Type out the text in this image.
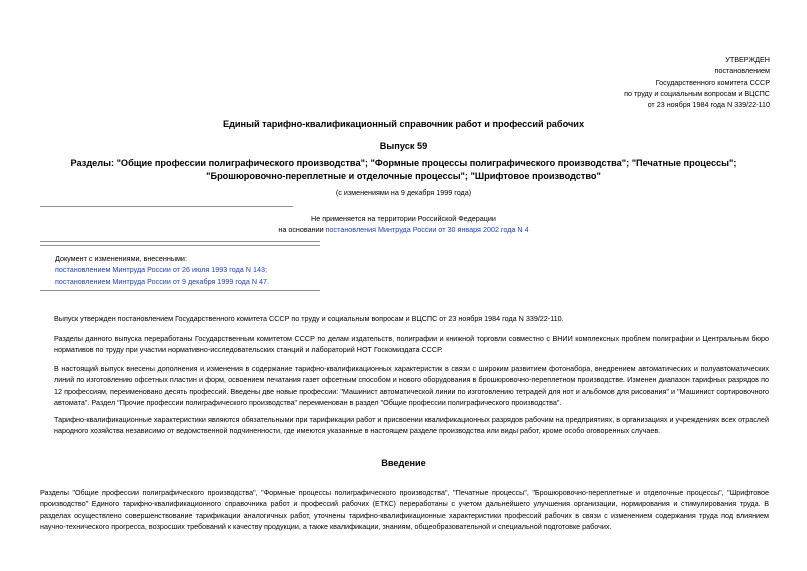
УТВЕРЖДЕН
постановлением
Государственного комитета СССР
по труду и социальным вопросам и ВЦСПС
от 23 ноября 1984 года N 339/22-110
Единый тарифно-квалификационный справочник работ и профессий рабочих
Выпуск 59
Разделы: "Общие профессии полиграфического производства"; "Формные процессы полиграфического производства"; "Печатные процессы"; "Брошюровочно-переплетные и отделочные процессы"; "Шрифтовое производство"
(с изменениями на 9 декабря 1999 года)
Не применяется на территории Российской Федерации
на основании постановления Минтруда России от 30 января 2002 года N 4
Документ с изменениями, внесенными:
постановлением Минтруда России от 26 июля 1993 года N 143;
постановлением Минтруда России от 9 декабря 1999 года N 47.
Выпуск утвержден постановлением Государственного комитета СССР по труду и социальным вопросам и ВЦСПС от 23 ноября 1984 года N 339/22-110.
Разделы данного выпуска переработаны Государственным комитетом СССР по делам издательств, полиграфии и книжной торговли совместно с ВНИИ комплексных проблем полиграфии и Центральным бюро нормативов по труду при участии нормативно-исследовательских станций и лабораторий НОТ Госкомиздата СССР.
В настоящий выпуск внесены дополнения и изменения в содержание тарифно-квалификационных характеристик в связи с широким развитием фотонабора, внедрением автоматических и полуавтоматических линий по изготовлению офсетных пластин и форм, освоением печатания газет офсетным способом и нового оборудования в брошюровочно-переплетном производстве. Изменен диапазон тарифных разрядов по 12 профессиям, переименовано десять профессий. Введены две новые профессии: "Машинист автоматической линии по изготовлению тетрадей для нот и альбомов для рисования" и "Машинист сортировочного автомата". Раздел "Прочие профессии полиграфического производства" переименован в раздел "Общие профессии полиграфического производства".
Тарифно-квалификационные характеристики являются обязательными при тарификации работ и присвоении квалификационных разрядов рабочим на предприятиях, в организациях и учреждениях всех отраслей народного хозяйства независимо от ведомственной подчиненности, где имеются указанные в настоящем разделе производства или виды работ, кроме особо оговоренных случаев.
Введение
Разделы "Общие профессии полиграфического производства", "Формные процессы полиграфического производства", "Печатные процессы", "Брошюровочно-переплетные и отделочные процессы", "Шрифтовое производство" Единого тарифно-квалификационного справочника работ и профессий рабочих (ЕТКС) переработаны с учетом дальнейшего улучшения организации, нормирования и стимулирования труда. В разделах осуществлено совершенствование тарификации аналогичных работ, уточнены тарифно-квалификационные характеристики профессий рабочих в связи с изменением содержания труда под влиянием научно-технического прогресса, возросших требований к качеству продукции, а также квалификации, знаниям, общеобразовательной и специальной подготовке рабочих.
